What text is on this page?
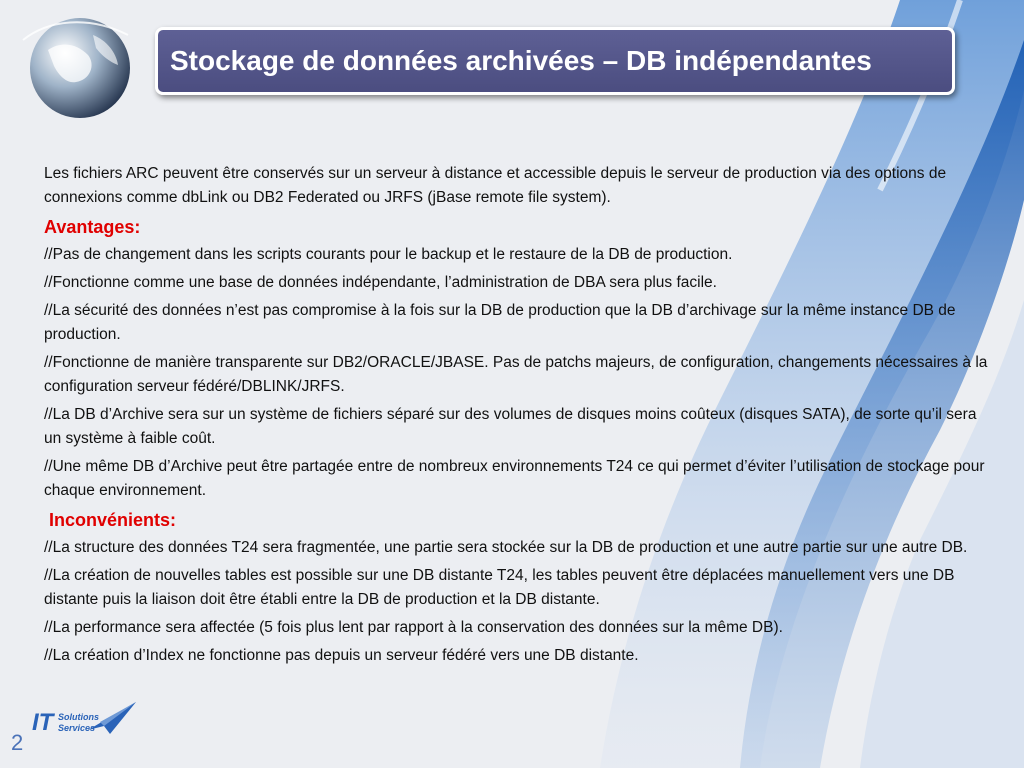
Stockage de données archivées – DB indépendantes

Les fichiers ARC peuvent être conservés sur un serveur à distance et accessible depuis le serveur de production via des options de connexions comme dbLink ou DB2 Federated ou JRFS (jBase remote file system).

Avantages:

//Pas de changement dans les scripts courants pour le backup et le restaure de la DB de production.

//Fonctionne comme une base de données indépendante, l’administration de DBA sera plus facile.

//La sécurité des données n’est pas compromise à la fois sur la DB de production que la DB d’archivage sur la même instance DB de production.

//Fonctionne de manière transparente sur DB2/ORACLE/JBASE. Pas de patchs majeurs, de configuration, changements nécessaires à la configuration serveur fédéré/DBLINK/JRFS.

//La DB d’Archive sera sur un système de fichiers séparé sur des volumes de disques moins coûteux (disques SATA), de sorte qu’il sera un système à faible coût.

//Une même DB d’Archive peut être partagée entre de nombreux environnements T24 ce qui permet d’éviter l’utilisation de stockage pour chaque environnement.

Inconvénients:

//La structure des données T24 sera fragmentée, une partie sera stockée sur la DB de production et une autre partie sur une autre DB.

//La création de nouvelles tables est possible sur une DB distante T24, les tables peuvent être déplacées manuellement vers une DB distante puis la liaison doit être établi entre la DB de production et la DB distante.

//La performance sera affectée (5 fois plus lent par rapport à la conservation des données sur la même DB).

//La création d’Index ne fonctionne pas depuis un serveur fédéré vers une DB distante.

IT Solutions
Services
2
